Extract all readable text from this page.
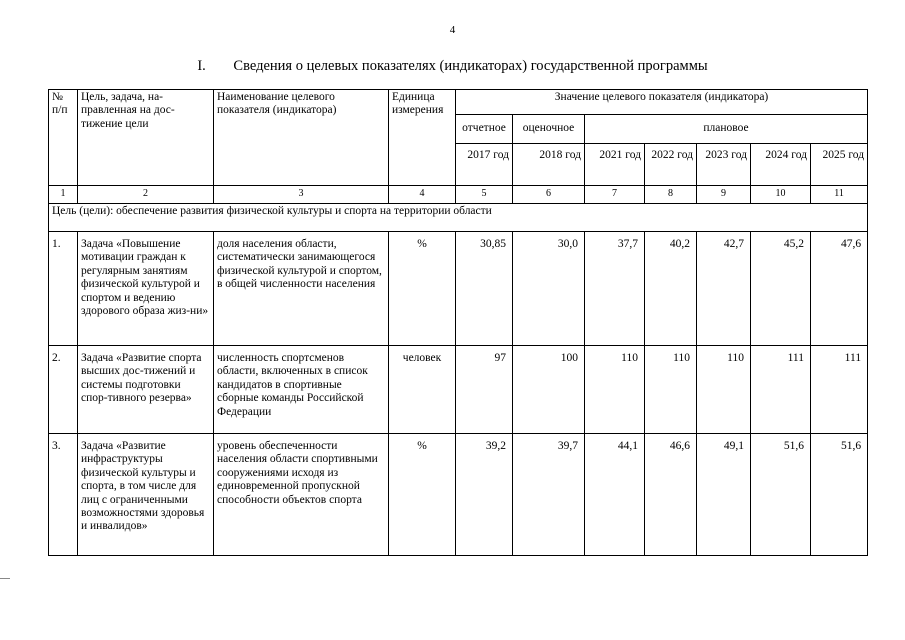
4
I. Сведения о целевых показателях (индикаторах) государственной программы
№ п/п	Цель, задача, на-правленная на дос-тижение цели	Наименование целевого показателя (индикатора)	Единица измерения	Значение целевого показателя (индикатора)						
				отчетное	оценочное	плановое				
				2017 год	2018 год	2021 год	2022 год	2023 год	2024 год	2025 год
1	2	3	4	5	6	7	8	9	10	11
Цель (цели): обеспечение развития физической культуры и спорта на территории области										
1.	Задача «Повышение мотивации граждан к регулярным занятиям физической культурой и спортом и ведению здорового образа жиз-ни»	доля населения области, систематически занимающегося физической культурой и спортом, в общей численности населения	%	30,85	30,0	37,7	40,2	42,7	45,2	47,6
2.	Задача «Развитие спорта высших дос-тижений и системы подготовки спор-тивного резерва»	численность спортсменов области, включенных в список кандидатов в спортивные сборные команды Российской Федерации	человек	97	100	110	110	110	111	111
3.	Задача «Развитие инфраструктуры физической культуры и спорта, в том числе для лиц с ограниченными возможностями здоровья и инвалидов»	уровень обеспеченности населения области спортивными сооружениями исходя из единовременной пропускной способности объектов спорта	%	39,2	39,7	44,1	46,6	49,1	51,6	51,6
